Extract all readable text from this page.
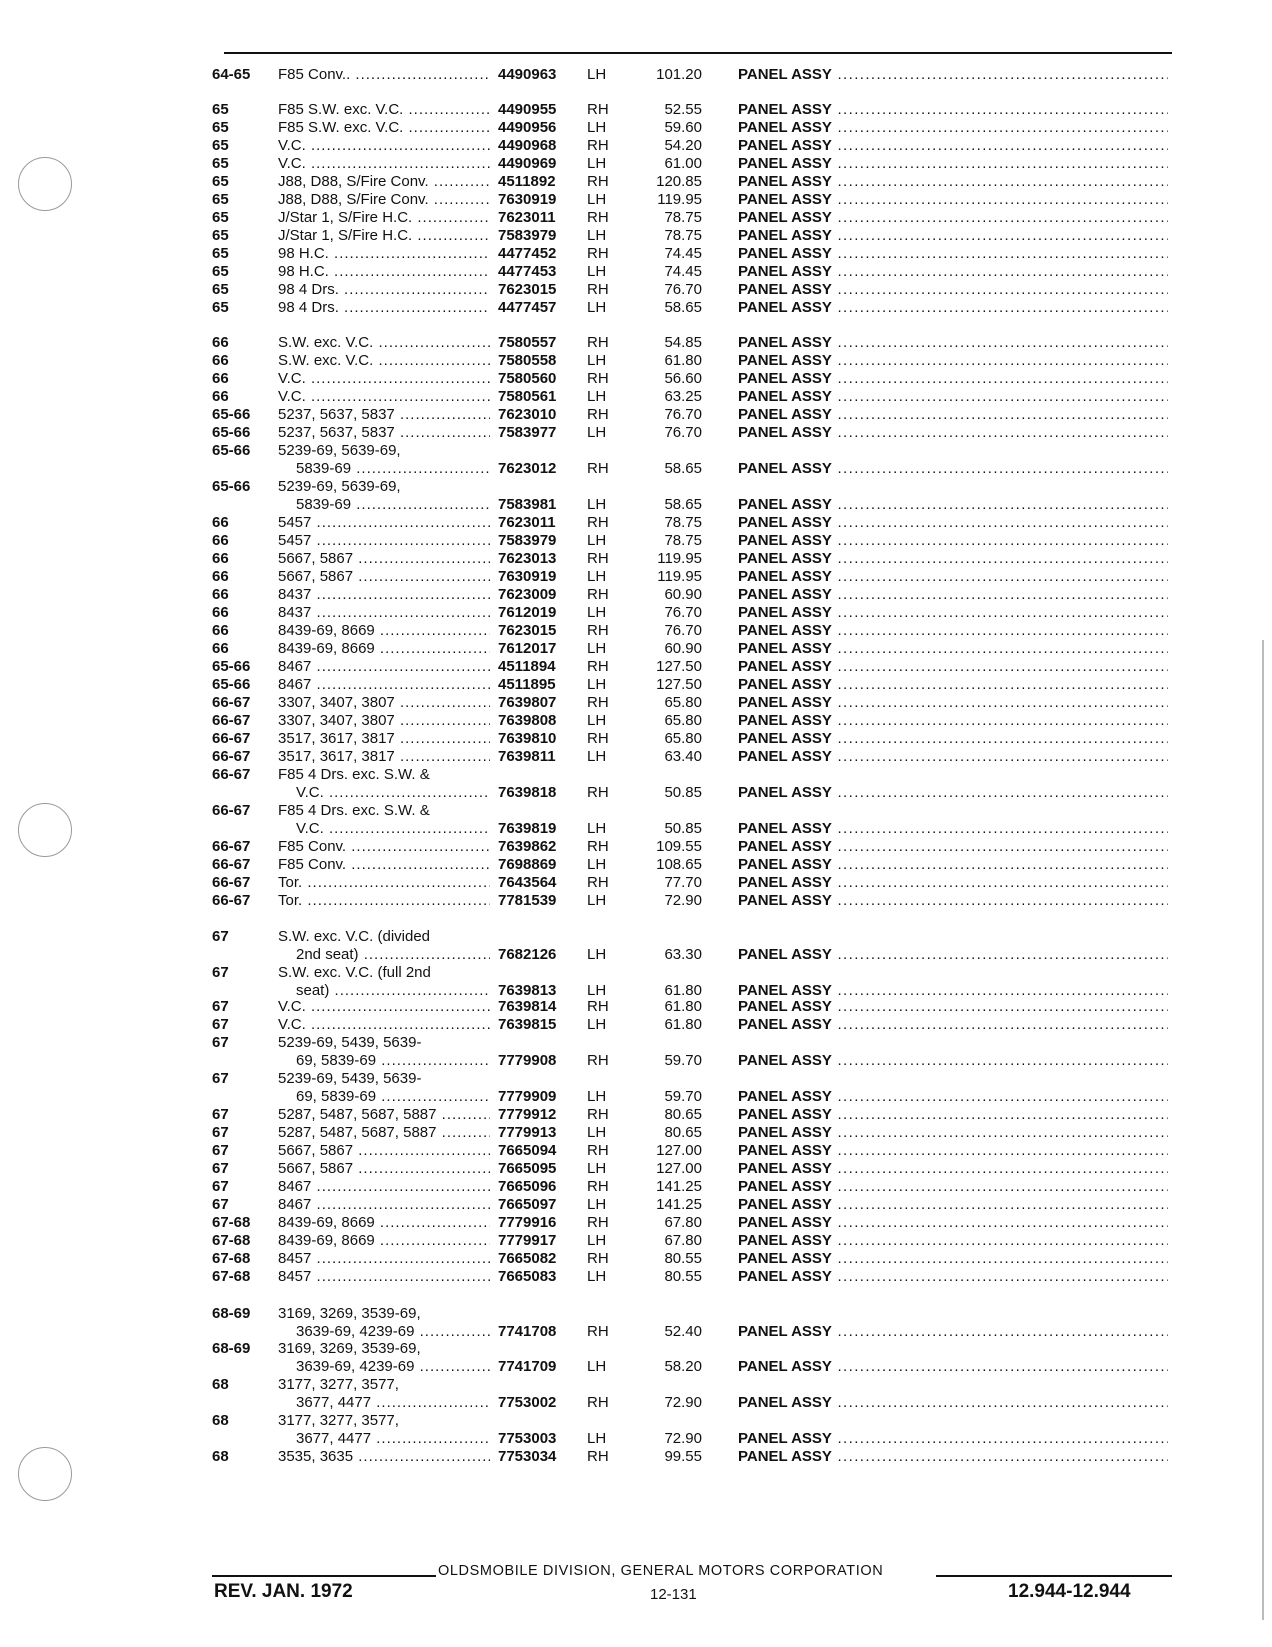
64-65 F85 Conv.. .....	4490963 LH	101.20 PANEL ASSY .....
65	F85 S.W. exc. V.C. .....	4490955 RH	52.55 PANEL ASSY .....
65	F85 S.W. exc. V.C. .....	4490956 LH	59.60 PANEL ASSY .....
65	V.C. .....	4490968 RH	54.20 PANEL ASSY .....
65	V.C. .....	4490969 LH	61.00 PANEL ASSY .....
65	J88, D88, S/Fire Conv. .....	4511892 RH	120.85 PANEL ASSY .....
65	J88, D88, S/Fire Conv. .....	7630919 LH	119.95 PANEL ASSY .....
65	J/Star 1, S/Fire H.C. .....	7623011 RH	78.75 PANEL ASSY .....
65	J/Star 1, S/Fire H.C. .....	7583979 LH	78.75 PANEL ASSY .....
65	98 H.C. .....	4477452 RH	74.45 PANEL ASSY .....
65	98 H.C. .....	4477453 LH	74.45 PANEL ASSY .....
65	98 4 Drs. .....	7623015 RH	76.70 PANEL ASSY .....
65	98 4 Drs. .....	4477457 LH	58.65 PANEL ASSY .....
66	S.W. exc. V.C. .....	7580557 RH	54.85 PANEL ASSY .....
66	S.W. exc. V.C. .....	7580558 LH	61.80 PANEL ASSY .....
66	V.C. .....	7580560 RH	56.60 PANEL ASSY .....
66	V.C. .....	7580561 LH	63.25 PANEL ASSY .....
65-66 5237, 5637, 5837 .....	7623010 RH	76.70 PANEL ASSY .....
65-66 5237, 5637, 5837 .....	7583977 LH	76.70 PANEL ASSY .....
65-66 5239-69, 5639-69,
5839-69 .....	7623012 RH	58.65 PANEL ASSY .....
65-66 5239-69, 5639-69,
5839-69 .....	7583981 LH	58.65 PANEL ASSY .....
66	5457 .....	7623011 RH	78.75 PANEL ASSY .....
66	5457 .....	7583979 LH	78.75 PANEL ASSY .....
66	5667, 5867 .....	7623013 RH	119.95 PANEL ASSY .....
66	5667, 5867 .....	7630919 LH	119.95 PANEL ASSY .....
66	8437 .....	7623009 RH	60.90 PANEL ASSY .....
66	8437 .....	7612019 LH	76.70 PANEL ASSY .....
66	8439-69, 8669 .....	7623015 RH	76.70 PANEL ASSY .....
66	8439-69, 8669 .....	7612017 LH	60.90 PANEL ASSY .....
65-66 8467 .....	4511894 RH	127.50 PANEL ASSY .....
65-66 8467 .....	4511895 LH	127.50 PANEL ASSY .....
66-67 3307, 3407, 3807 .....	7639807 RH	65.80 PANEL ASSY .....
66-67 3307, 3407, 3807 .....	7639808 LH	65.80 PANEL ASSY .....
66-67 3517, 3617, 3817 .....	7639810 RH	65.80 PANEL ASSY .....
66-67 3517, 3617, 3817 .....	7639811 LH	63.40 PANEL ASSY .....
66-67 F85 4 Drs. exc. S.W. &
V.C. .....	7639818 RH	50.85 PANEL ASSY .....
66-67 F85 4 Drs. exc. S.W. &
V.C. .....	7639819 LH	50.85 PANEL ASSY .....
66-67 F85 Conv. .....	7639862 RH	109.55 PANEL ASSY .....
66-67 F85 Conv. .....	7698869 LH	108.65 PANEL ASSY .....
66-67 Tor. .....	7643564 RH	77.70 PANEL ASSY .....
66-67 Tor. .....	7781539 LH	72.90 PANEL ASSY .....
67	S.W. exc. V.C. (divided
2nd seat) .....	7682126 LH	63.30 PANEL ASSY .....
67	S.W. exc. V.C. (full 2nd
seat) .....	7639813 LH	61.80 PANEL ASSY .....
67	V.C. .....	7639814 RH	61.80 PANEL ASSY .....
67	V.C. .....	7639815 LH	61.80 PANEL ASSY .....
67	5239-69, 5439, 5639-
69, 5839-69 .....	7779908 RH	59.70 PANEL ASSY .....
67	5239-69, 5439, 5639-
69, 5839-69 .....	7779909 LH	59.70 PANEL ASSY .....
67	5287, 5487, 5687, 5887 .....	7779912 RH	80.65 PANEL ASSY .....
67	5287, 5487, 5687, 5887 .....	7779913 LH	80.65 PANEL ASSY .....
67	5667, 5867 .....	7665094 RH	127.00 PANEL ASSY .....
67	5667, 5867 .....	7665095 LH	127.00 PANEL ASSY .....
67	8467 .....	7665096 RH	141.25 PANEL ASSY .....
67	8467 .....	7665097 LH	141.25 PANEL ASSY .....
67-68 8439-69, 8669 .....	7779916 RH	67.80 PANEL ASSY .....
67-68 8439-69, 8669 .....	7779917 LH	67.80 PANEL ASSY .....
67-68 8457 .....	7665082 RH	80.55 PANEL ASSY .....
67-68 8457 .....	7665083 LH	80.55 PANEL ASSY .....
68-69 3169, 3269, 3539-69,
3639-69, 4239-69 .....	7741708 RH	52.40 PANEL ASSY .....
68-69 3169, 3269, 3539-69,
3639-69, 4239-69 .....	7741709 LH	58.20 PANEL ASSY .....
68	3177, 3277, 3577,
3677, 4477 .....	7753002 RH	72.90 PANEL ASSY .....
68	3177, 3277, 3577,
3677, 4477 .....	7753003 LH	72.90 PANEL ASSY .....
68	3535, 3635 .....	7753034 RH	99.55 PANEL ASSY .....
OLDSMOBILE DIVISION, GENERAL MOTORS CORPORATION
REV. JAN. 1972	12-131	12.944-12.944
